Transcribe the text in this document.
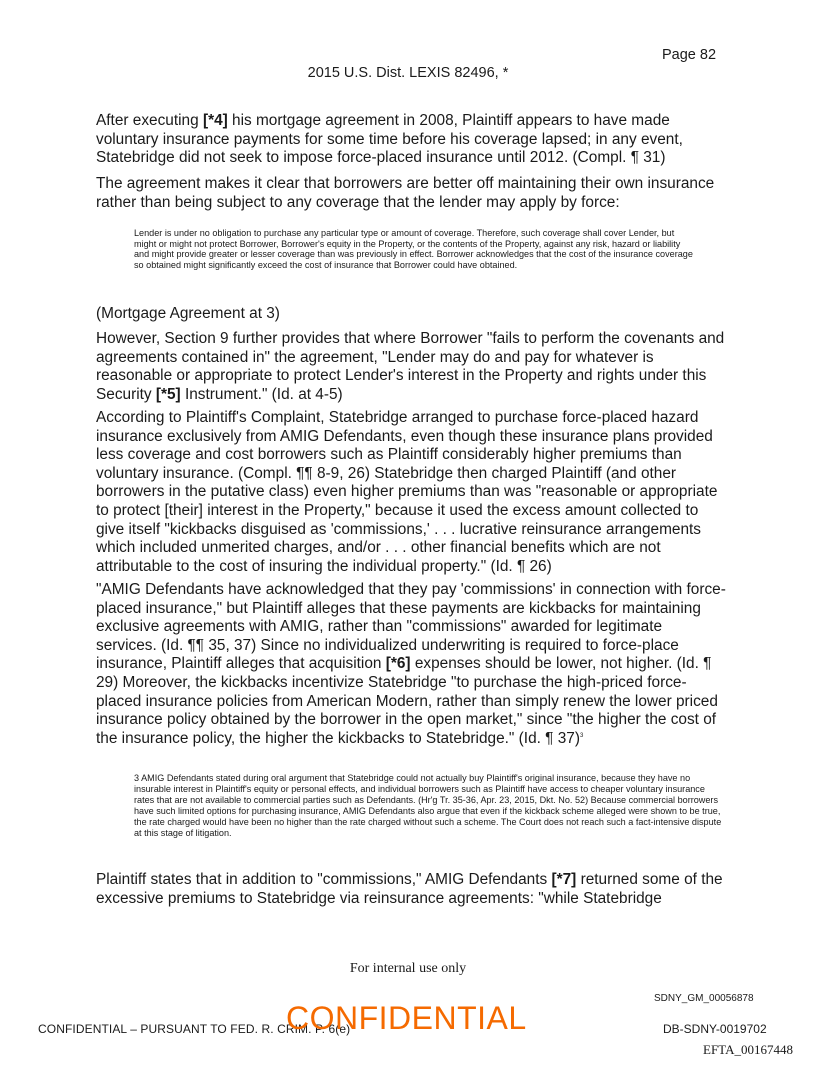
Page 82
2015 U.S. Dist. LEXIS 82496, *

After executing [*4] his mortgage agreement in 2008, Plaintiff appears to have made voluntary insurance payments for some time before his coverage lapsed; in any event, Statebridge did not seek to impose force-placed insurance until 2012. (Compl. ¶ 31)

The agreement makes it clear that borrowers are better off maintaining their own insurance rather than being subject to any coverage that the lender may apply by force:

Lender is under no obligation to purchase any particular type or amount of coverage. Therefore, such coverage shall cover Lender, but might or might not protect Borrower, Borrower's equity in the Property, or the contents of the Property, against any risk, hazard or liability and might provide greater or lesser coverage than was previously in effect. Borrower acknowledges that the cost of the insurance coverage so obtained might significantly exceed the cost of insurance that Borrower could have obtained.

(Mortgage Agreement at 3)

However, Section 9 further provides that where Borrower "fails to perform the covenants and agreements contained in" the agreement, "Lender may do and pay for whatever is reasonable or appropriate to protect Lender's interest in the Property and rights under this Security [*5] Instrument." (Id. at 4-5)

According to Plaintiff's Complaint, Statebridge arranged to purchase force-placed hazard insurance exclusively from AMIG Defendants, even though these insurance plans provided less coverage and cost borrowers such as Plaintiff considerably higher premiums than voluntary insurance. (Compl. ¶¶ 8-9, 26) Statebridge then charged Plaintiff (and other borrowers in the putative class) even higher premiums than was "reasonable or appropriate to protect [their] interest in the Property," because it used the excess amount collected to give itself "kickbacks disguised as 'commissions,' . . . lucrative reinsurance arrangements which included unmerited charges, and/or . . . other financial benefits which are not attributable to the cost of insuring the individual property." (Id. ¶ 26)

"AMIG Defendants have acknowledged that they pay 'commissions' in connection with force-placed insurance," but Plaintiff alleges that these payments are kickbacks for maintaining exclusive agreements with AMIG, rather than "commissions" awarded for legitimate services. (Id. ¶¶ 35, 37) Since no individualized underwriting is required to force-place insurance, Plaintiff alleges that acquisition [*6] expenses should be lower, not higher. (Id. ¶ 29) Moreover, the kickbacks incentivize Statebridge "to purchase the high-priced force-placed insurance policies from American Modern, rather than simply renew the lower priced insurance policy obtained by the borrower in the open market," since "the higher the cost of the insurance policy, the higher the kickbacks to Statebridge." (Id. ¶ 37)$^3$

3 AMIG Defendants stated during oral argument that Statebridge could not actually buy Plaintiff's original insurance, because they have no insurable interest in Plaintiff's equity or personal effects, and individual borrowers such as Plaintiff have access to cheaper voluntary insurance rates that are not available to commercial parties such as Defendants. (Hr'g Tr. 35-36, Apr. 23, 2015, Dkt. No. 52) Because commercial borrowers have such limited options for purchasing insurance, AMIG Defendants also argue that even if the kickback scheme alleged were shown to be true, the rate charged would have been no higher than the rate charged without such a scheme. The Court does not reach such a fact-intensive dispute at this stage of litigation.

Plaintiff states that in addition to "commissions," AMIG Defendants [*7] returned some of the excessive premiums to Statebridge via reinsurance agreements: "while Statebridge

For internal use only
SDNY_GM_00056878
CONFIDENTIAL – PURSUANT TO FED. R. CRIM. P. 6(e)
CONFIDENTIAL	DB-SDNY-0019702
EFTA_00167448
